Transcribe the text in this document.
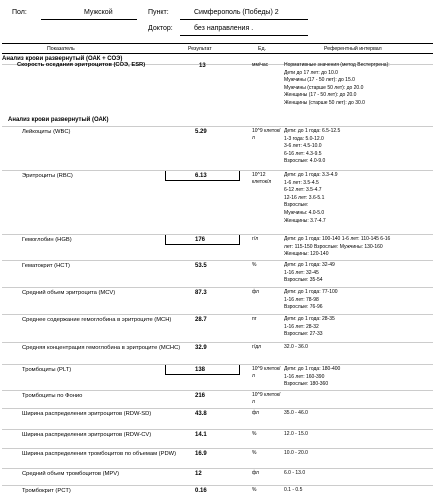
Пол:	Мужской	Пункт:	Симферополь (Победы) 2
Доктор:	без направления .
Показатель	Результат	Ед.	Референтный интервал
Анализ крови развернутый (ОАК + СОЭ)
Скорость оседания эритроцитов (СОЭ, ESR)	13	мм/час	Нормативные значения (метод Вестергрена):
Дети до 17 лет: до 10.0
Мужчины (17 - 50 лет): до 15.0
Мужчины (старше 50 лет): до 20.0
Женщины (17 - 50 лет): до 20.0
Женщины (старше 50 лет): до 30.0
Анализ крови развернутый (ОАК)
Лейкоциты (WBC)	5.29	10^9 клеток/л
Дети: до 1 года: 6.5-12.5
1-3 года: 5.0-12.0
3-6 лет: 4.5-10.0
6-16 лет: 4.3-9.5
Взрослые: 4.0-9.0
Эритроциты (RBC)	6.13	10^12 клеток/л
Дети: до 1 года: 3.3-4.9
1-6 лет: 3.5-4.5
6-12 лет: 3.5-4.7
12-16 лет: 3.6-5.1
Взрослые:
Мужчины: 4.0-5.0
Женщины: 3.7-4.7
Гемоглобин (HGB)	176	г/л	Дети: до 1 года: 100-140 1-6 лет: 110-145 6-16
лет: 115-150 Взрослые: Мужчины: 130-160
Женщины: 120-140
Гематокрит (HCT)	53.5	%	Дети: до 1 года: 32-49
1-16 лет: 32-45
Взрослые: 35-54
Средний объем эритроцита (MCV)	87.3	фл	Дети: до 1 года: 77-100
1-16 лет: 78-98
Взрослые: 76-96
Среднее содержание гемоглобина в эритроците (MCH)	28.7	пг	Дети: до 1 года: 28-35
1-16 лет: 28-32
Взрослые: 27-33
Средняя концентрация гемоглобина в эритроците (MCHC)	32.9	г/дл	32.0 - 36.0
Тромбоциты (PLT)	138	10^9 клеток/л
Дети: до 1 года: 180-400
1-16 лет: 160-390
Взрослые: 180-360
Тромбоциты по Фонио	216	10^9 клеток/л
Ширина распределения эритроцитов (RDW-SD)	43.8	фл	35.0 - 46.0
Ширина распределения эритроцитов (RDW-CV)	14.1	%	12.0 - 15.0
Ширина распределения тромбоцитов по объемам (PDW)	16.9	%	10.0 - 20.0
Средний объем тромбоцитов (MPV)	12	фл	6.0 - 13.0
Тромбокрит (PCT)	0.16	%	0.1 - 0.5
